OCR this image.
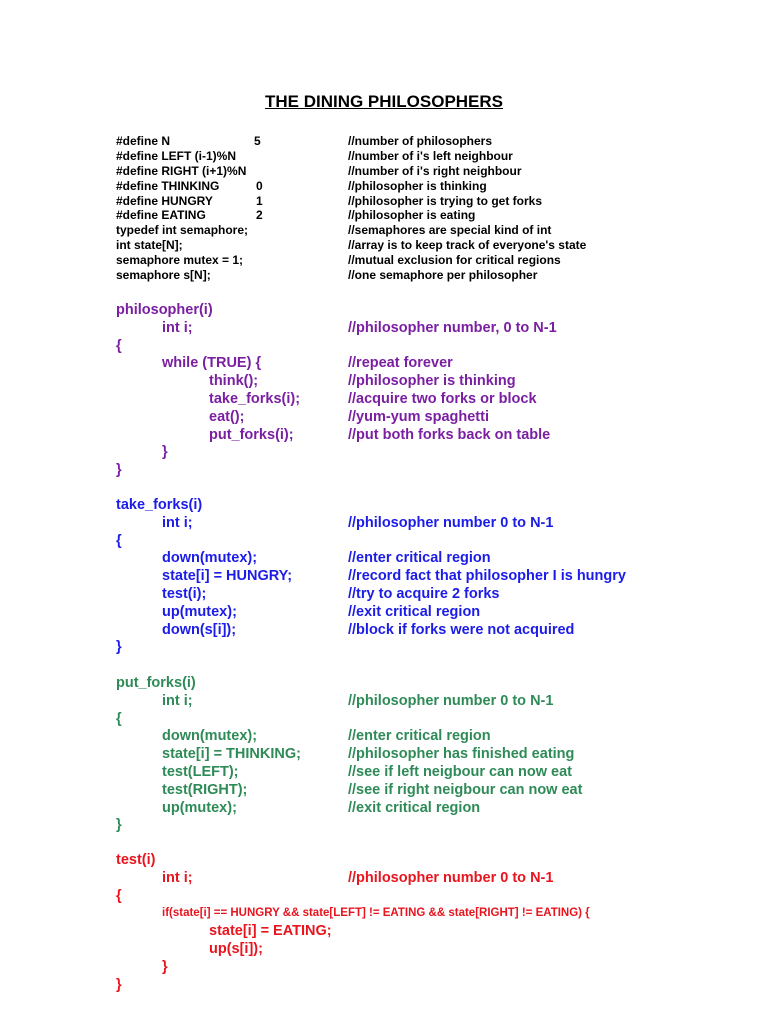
THE DINING PHILOSOPHERS
#define N	5	//number of philosophers
#define LEFT (i-1)%N	//number of i's left neighbour
#define RIGHT (i+1)%N	//number of i's right neighbour
#define THINKING	0	//philosopher is thinking
#define HUNGRY	1	//philosopher is trying to get forks
#define EATING	2	//philosopher is eating
typedef int semaphore;	//semaphores are special kind of int
int state[N];	//array is to keep track of everyone's state
semaphore mutex = 1;	//mutual exclusion for critical regions
semaphore s[N];	//one semaphore per philosopher
philosopher(i)
int i;	//philosopher number, 0 to N-1
{
while (TRUE) {	//repeat forever
think();	//philosopher is thinking
take_forks(i);	//acquire two forks or block
eat();	//yum-yum spaghetti
put_forks(i);	//put both forks back on table
}
}
take_forks(i)
int i;	//philosopher number 0 to N-1
{
down(mutex);	//enter critical region
state[i] = HUNGRY;	//record fact that philosopher I is hungry
test(i);	//try to acquire 2 forks
up(mutex);	//exit critical region
down(s[i]);	//block if forks were not acquired
}
put_forks(i)
int i;	//philosopher number 0 to N-1
{
down(mutex);	//enter critical region
state[i] = THINKING;	//philosopher has finished eating
test(LEFT);	//see if left neigbour can now eat
test(RIGHT);	//see if right neigbour can now eat
up(mutex);	//exit critical region
}
test(i)
int i;	//philosopher number 0 to N-1
{
if(state[i] == HUNGRY && state[LEFT] != EATING && state[RIGHT] != EATING) {
state[i] = EATING;
up(s[i]);
}
}
